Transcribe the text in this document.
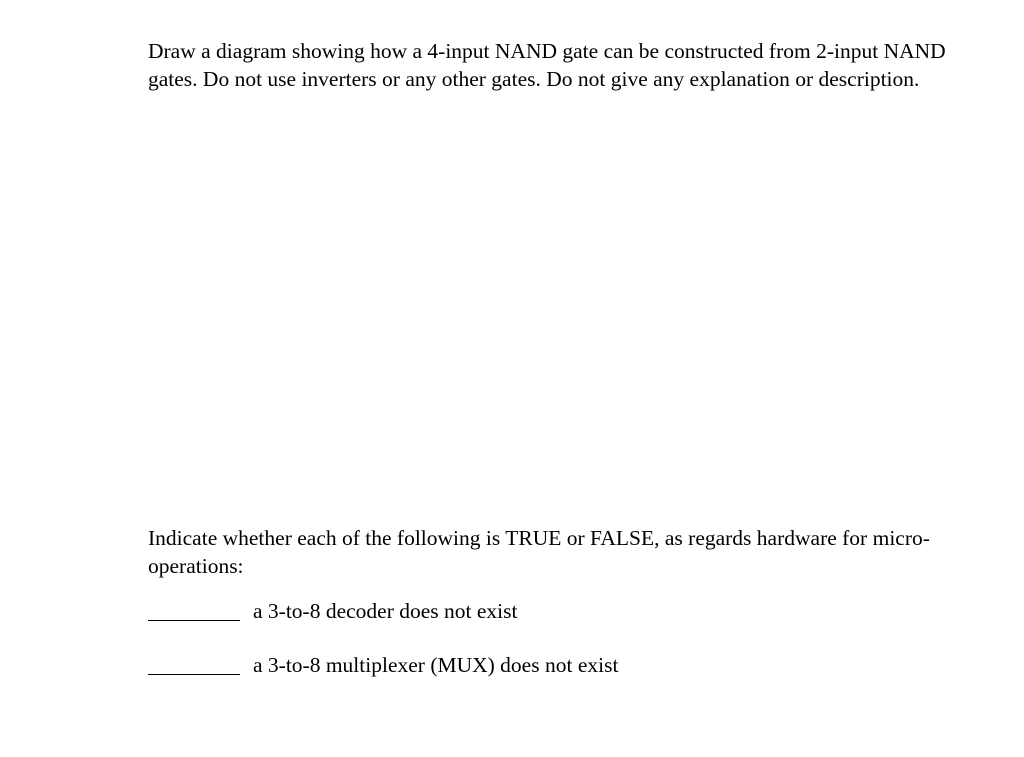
Draw a diagram showing how a 4-input NAND gate can be constructed from 2-input NAND gates. Do not use inverters or any other gates. Do not give any explanation or description.

Indicate whether each of the following is TRUE or FALSE, as regards hardware for micro-operations:

a 3-to-8 decoder does not exist
a 3-to-8 multiplexer (MUX) does not exist
